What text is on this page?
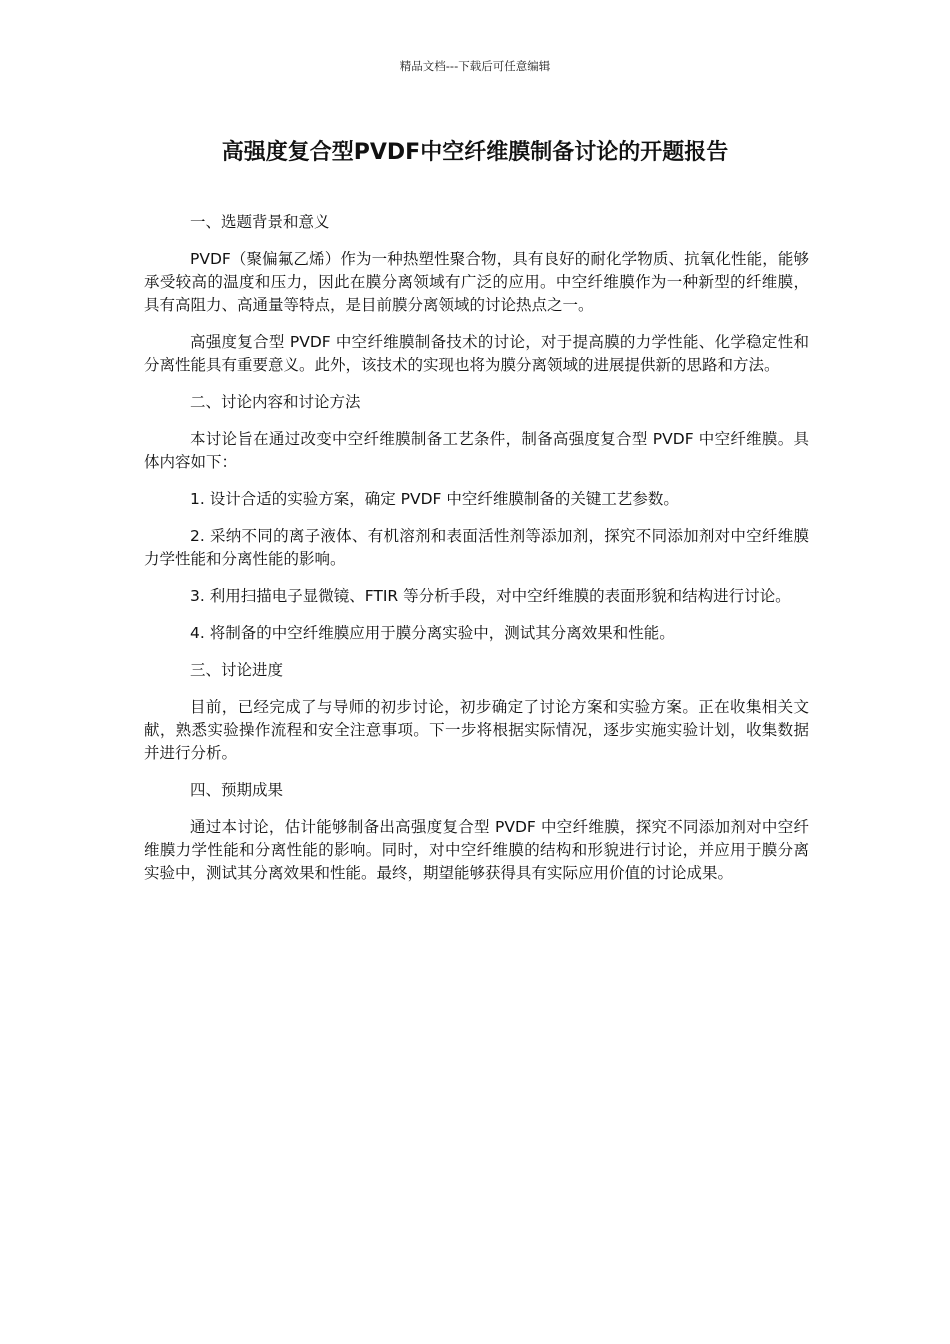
精品文档---下载后可任意编辑
高强度复合型PVDF中空纤维膜制备讨论的开题报告

一、选题背景和意义

PVDF（聚偏氟乙烯）作为一种热塑性聚合物，具有良好的耐化学物质、抗氧化性能，能够承受较高的温度和压力，因此在膜分离领域有广泛的应用。中空纤维膜作为一种新型的纤维膜，具有高阻力、高通量等特点，是目前膜分离领域的讨论热点之一。

高强度复合型 PVDF 中空纤维膜制备技术的讨论，对于提高膜的力学性能、化学稳定性和分离性能具有重要意义。此外，该技术的实现也将为膜分离领域的进展提供新的思路和方法。

二、讨论内容和讨论方法

本讨论旨在通过改变中空纤维膜制备工艺条件，制备高强度复合型 PVDF 中空纤维膜。具体内容如下：

1. 设计合适的实验方案，确定 PVDF 中空纤维膜制备的关键工艺参数。

2. 采纳不同的离子液体、有机溶剂和表面活性剂等添加剂，探究不同添加剂对中空纤维膜力学性能和分离性能的影响。

3. 利用扫描电子显微镜、FTIR 等分析手段，对中空纤维膜的表面形貌和结构进行讨论。

4. 将制备的中空纤维膜应用于膜分离实验中，测试其分离效果和性能。

三、讨论进度

目前，已经完成了与导师的初步讨论，初步确定了讨论方案和实验方案。正在收集相关文献，熟悉实验操作流程和安全注意事项。下一步将根据实际情况，逐步实施实验计划，收集数据并进行分析。

四、预期成果

通过本讨论，估计能够制备出高强度复合型 PVDF 中空纤维膜，探究不同添加剂对中空纤维膜力学性能和分离性能的影响。同时，对中空纤维膜的结构和形貌进行讨论，并应用于膜分离实验中，测试其分离效果和性能。最终，期望能够获得具有实际应用价值的讨论成果。
